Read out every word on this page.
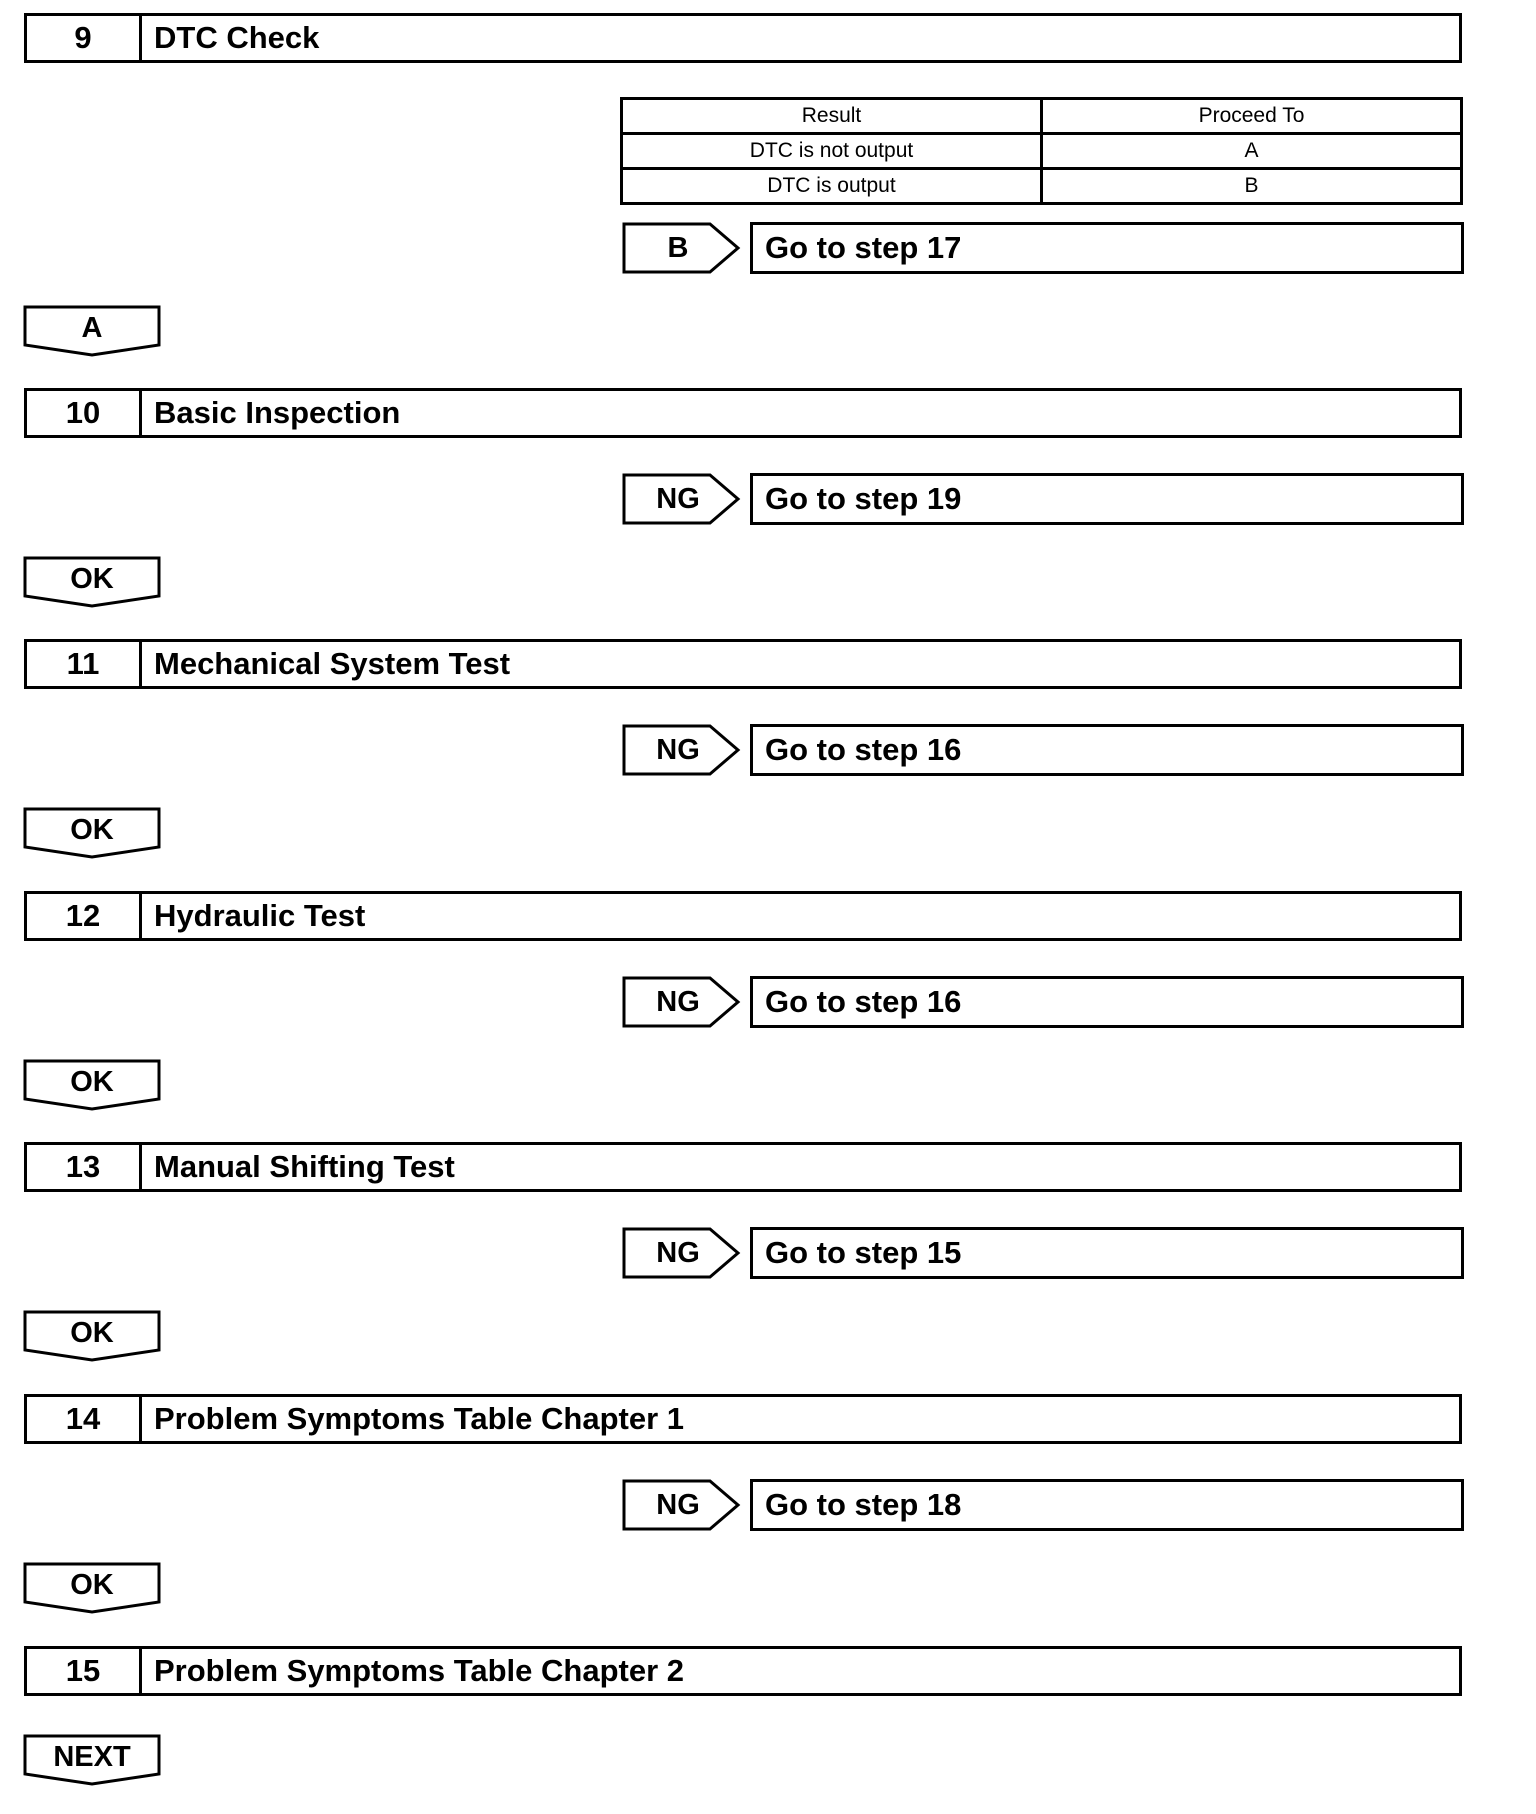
9	DTC Check
Result	Proceed To
DTC is not output	A
DTC is output	B
B	Go to step 17
A
10	Basic Inspection
NG	Go to step 19
OK
11	Mechanical System Test
NG	Go to step 16
OK
12	Hydraulic Test
NG	Go to step 16
OK
13	Manual Shifting Test
NG	Go to step 15
OK
14	Problem Symptoms Table Chapter 1
NG	Go to step 18
OK
15	Problem Symptoms Table Chapter 2
NEXT
